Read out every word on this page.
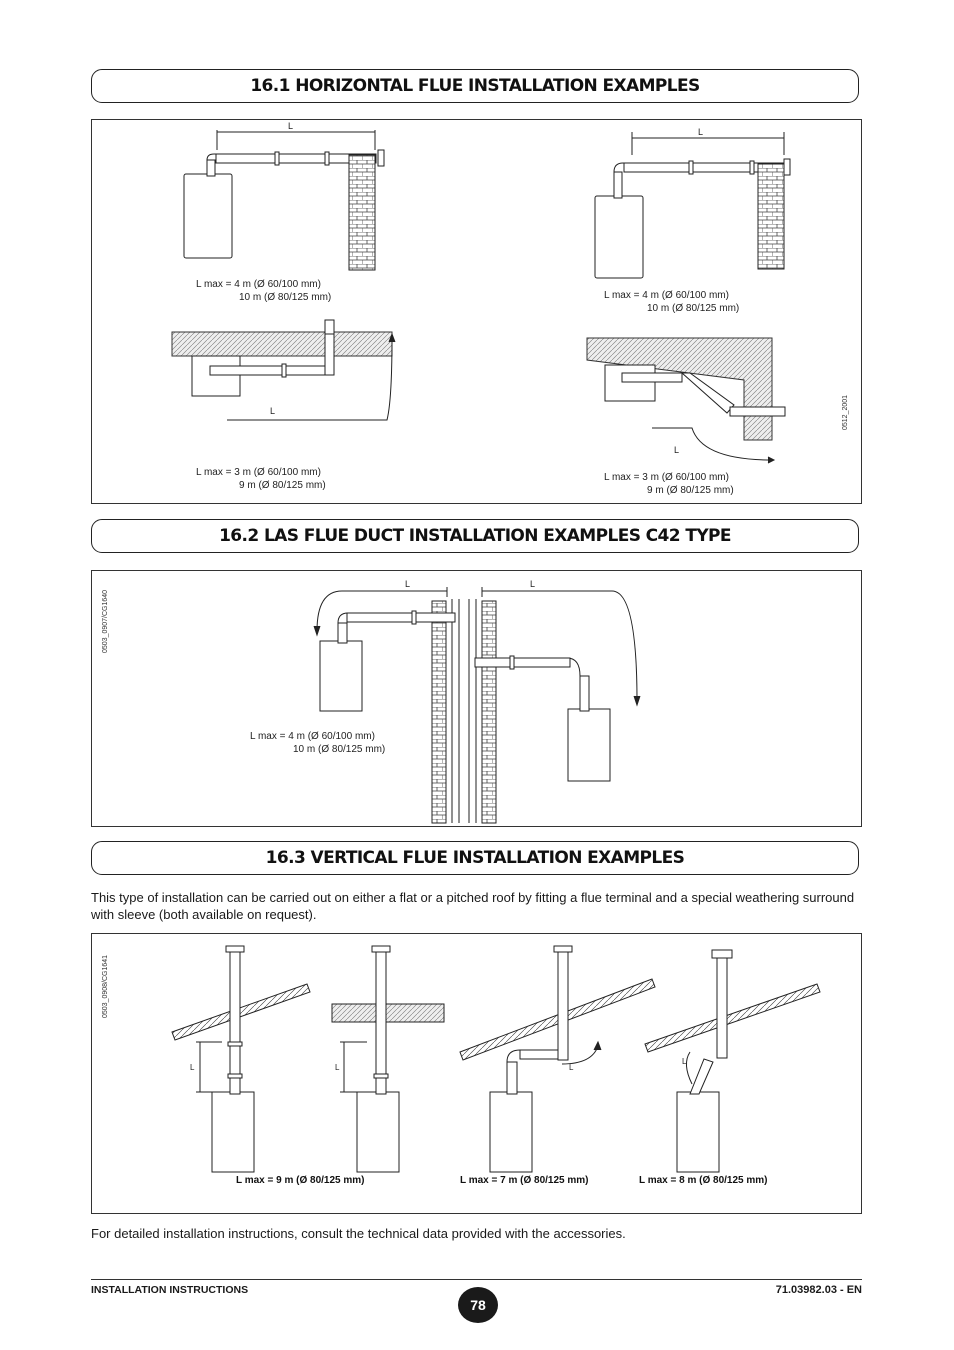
16.1 HORIZONTAL FLUE INSTALLATION EXAMPLES
L
L
L
L
L max = 4 m (Ø 60/100 mm)
10 m (Ø 80/125 mm)	L max = 4 m (Ø 60/100 mm)
10 m (Ø 80/125 mm)
L max = 3 m (Ø 60/100 mm)
9 m (Ø 80/125 mm)
L max = 3 m (Ø 60/100 mm)
9 m (Ø 80/125 mm)
0512_2001
16.2 LAS FLUE DUCT INSTALLATION EXAMPLES C42 TYPE
L	L
L max = 4 m (Ø 60/100 mm)
10 m (Ø 80/125 mm)
0503_0907/CG1640
16.3 VERTICAL FLUE INSTALLATION EXAMPLES
This type of installation can be carried out on either a flat or a pitched roof by fitting a flue terminal and a special weathering surround with sleeve (both available on request).
L	L	L
L
L max = 9 m (Ø 80/125 mm)	L max = 7 m (Ø 80/125 mm)	L max = 8 m (Ø 80/125 mm)
0503_0908/CG1641
For detailed installation instructions, consult the technical data provided with the accessories.
INSTALLATION INSTRUCTIONS
78
71.03982.03 - EN
